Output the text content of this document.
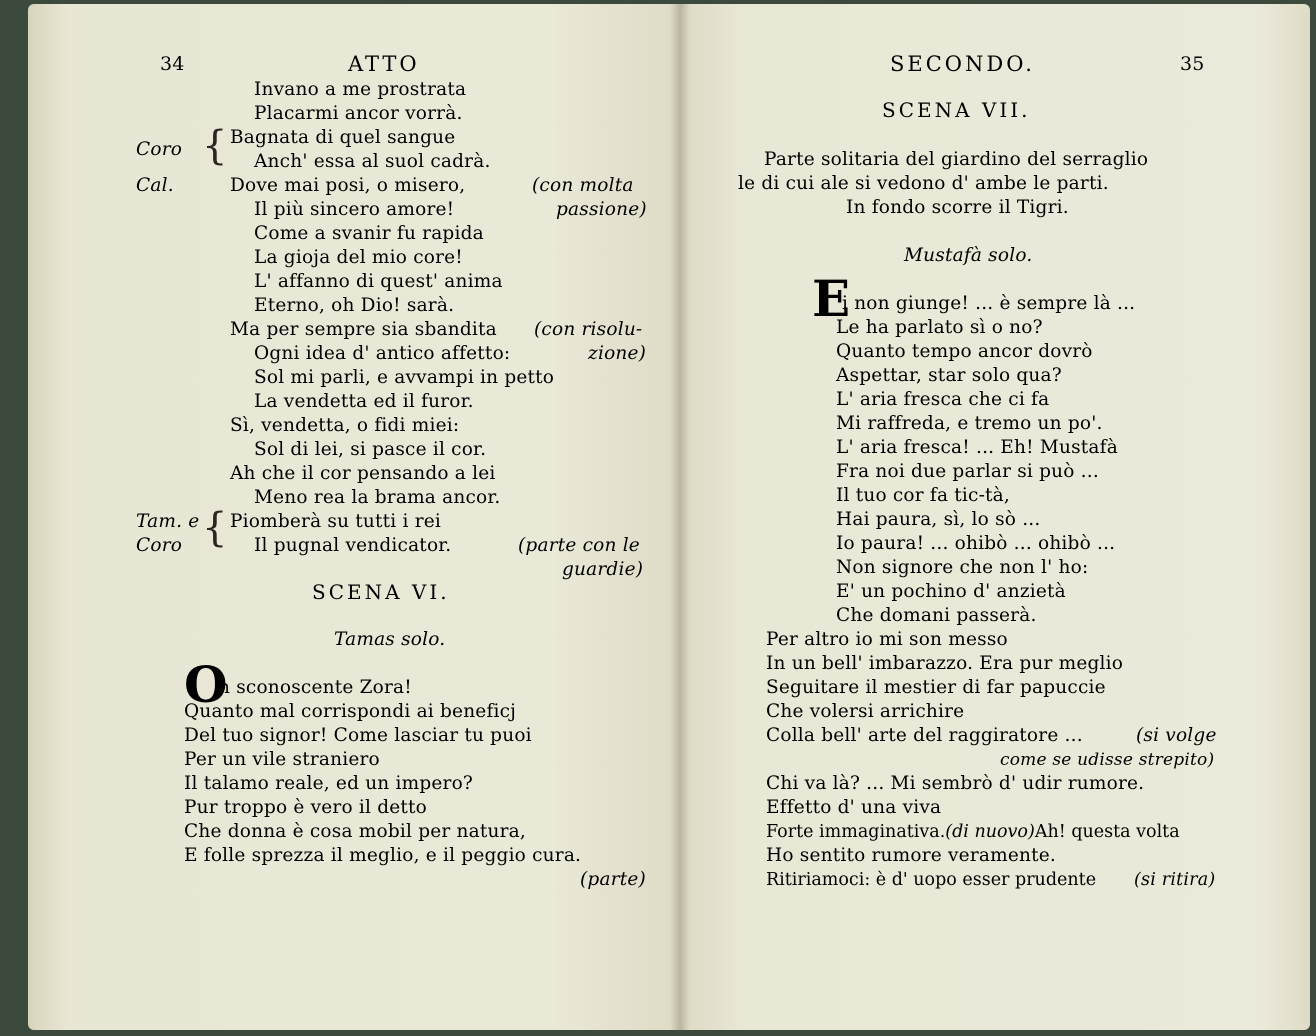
34	ATTO
Invano a me prostrata
Placarmi ancor vorrà.
Coro { Bagnata di quel sangue
Anch' essa al suol cadrà.
Cal.	Dove mai posi, o misero,	(con molta
Il più sincero amore!	passione)
Come a svanir fu rapida
La gioja del mio core!
L' affanno di quest' anima
Eterno, oh Dio! sarà.
Ma per sempre sia sbandita (con risolu-
Ogni idea d' antico affetto:	zione)
Sol mi parli, e avvampi in petto
La vendetta ed il furor.
Sì, vendetta, o fidi miei:
Sol di lei, si pasce il cor.
Ah che il cor pensando a lei
Meno rea la brama ancor.
Tam. e
Coro { Piomberà su tutti i rei
Il pugnal vendicator.	(parte con le
guardie)
SCENA VI.
Tamas solo.
O
h sconoscente Zora!
Quanto mal corrispondi ai beneficj
Del tuo signor! Come lasciar tu puoi
Per un vile straniero
Il talamo reale, ed un impero?
Pur troppo è vero il detto
Che donna è cosa mobil per natura,
E folle sprezza il meglio, e il peggio cura.
(parte)
SECONDO.	35
SCENA VII.
Parte solitaria del giardino del serraglio
le di cui ale si vedono d' ambe le parti.
In fondo scorre il Tigri.
Mustafà solo.
E
i non giunge! ... è sempre là ...
Le ha parlato sì o no?
Quanto tempo ancor dovrò
Aspettar, star solo qua?
L' aria fresca che ci fa
Mi raffreda, e tremo un po'.
L' aria fresca! ... Eh! Mustafà
Fra noi due parlar si può ...
Il tuo cor fa tic-tà,
Hai paura, sì, lo sò ...
Io paura! ... ohibò ... ohibò ...
Non signore che non l' ho:
E' un pochino d' anzietà
Che domani passerà.
Per altro io mi son messo
In un bell' imbarazzo. Era pur meglio
Seguitare il mestier di far papuccie
Che volersi arrichire
Colla bell' arte del raggiratore ...	(si volge
come se udisse strepito)
Chi va là? ... Mi sembrò d' udir rumore.
Effetto d' una viva
Forte immaginativa.(di nuovo)Ah! questa volta
Ho sentito rumore veramente.
Ritiriamoci: è d' uopo esser prudente (si ritira)
